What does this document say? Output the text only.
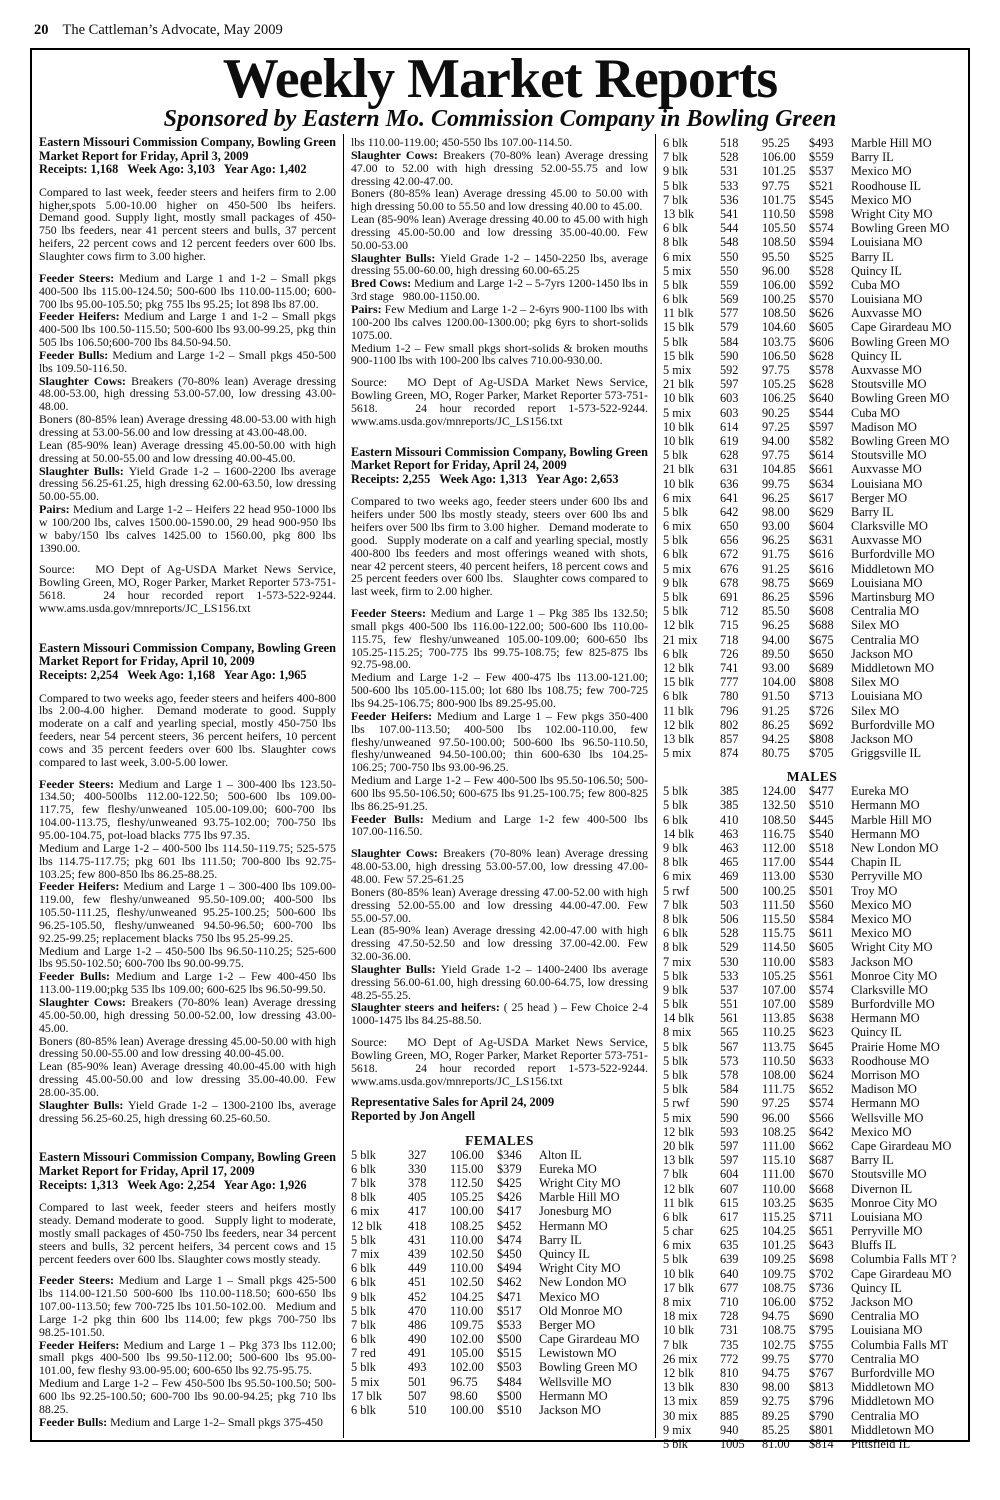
20 The Cattleman’s Advocate, May 2009
Weekly Market Reports
Sponsored by Eastern Mo. Commission Company in Bowling Green
Eastern Missouri Commission Company, Bowling Green
Market Report for Friday, April 3, 2009
Receipts: 1,168   Week Ago: 3,103   Year Ago: 1,402

Compared to last week, feeder steers and heifers firm to 2.00 higher,spots 5.00-10.00 higher on 450-500 lbs heifers. Demand good. Supply light, mostly small packages of 450-750 lbs feeders, near 41 percent steers and bulls, 37 percent heifers, 22 percent cows and 12 percent feeders over 600 lbs. Slaughter cows firm to 3.00 higher.

Feeder Steers: Medium and Large 1 and 1-2 – Small pkgs 400-500 lbs 115.00-124.50; 500-600 lbs 110.00-115.00; 600-700 lbs 95.00-105.50; pkg 755 lbs 95.25; lot 898 lbs 87.00.

Feeder Heifers: Medium and Large 1 and 1-2 – Small pkgs 400-500 lbs 100.50-115.50; 500-600 lbs 93.00-99.25, pkg thin 505 lbs 106.50;600-700 lbs 84.50-94.50.

Feeder Bulls: Medium and Large 1-2 – Small pkgs 450-500 lbs 109.50-116.50.

Slaughter Cows: Breakers (70-80% lean) Average dressing 48.00-53.00, high dressing 53.00-57.00, low dressing 43.00-48.00.

Boners (80-85% lean) Average dressing 48.00-53.00 with high dressing at 53.00-56.00 and low dressing at 43.00-48.00.

Lean (85-90% lean) Average dressing 45.00-50.00 with high dressing at 50.00-55.00 and low dressing 40.00-45.00.

Slaughter Bulls: Yield Grade 1-2 – 1600-2200 lbs average dressing 56.25-61.25, high dressing 62.00-63.50, low dressing 50.00-55.00.

Pairs: Medium and Large 1-2 – Heifers 22 head 950-1000 lbs w 100/200 lbs, calves 1500.00-1590.00, 29 head 900-950 lbs w baby/150 lbs calves 1425.00 to 1560.00, pkg 800 lbs 1390.00.

Source:   MO Dept of Ag-USDA Market News Service, Bowling Green, MO, Roger Parker, Market Reporter 573-751-5618.   24 hour recorded report 1-573-522-9244. www.ams.usda.gov/mnreports/JC_LS156.txt

Eastern Missouri Commission Company, Bowling Green
Market Report for Friday, April 10, 2009
Receipts: 2,254   Week Ago: 1,168   Year Ago: 1,965

Compared to two weeks ago, feeder steers and heifers 400-800 lbs 2.00-4.00 higher.  Demand moderate to good. Supply moderate on a calf and yearling special, mostly 450-750 lbs feeders, near 54 percent steers, 36 percent heifers, 10 percent cows and 35 percent feeders over 600 lbs. Slaughter cows compared to last week, 3.00-5.00 lower.

Feeder Steers: Medium and Large 1 – 300-400 lbs 123.50-134.50; 400-500lbs 112.00-122.50; 500-600 lbs 109.00-117.75, few fleshy/unweaned 105.00-109.00; 600-700 lbs 104.00-113.75, fleshy/unweaned 93.75-102.00; 700-750 lbs 95.00-104.75, pot-load blacks 775 lbs 97.35.

Medium and Large 1-2 – 400-500 lbs 114.50-119.75; 525-575 lbs 114.75-117.75; pkg 601 lbs 111.50; 700-800 lbs 92.75-103.25; few 800-850 lbs 86.25-88.25.

Feeder Heifers: Medium and Large 1 – 300-400 lbs 109.00-119.00, few fleshy/unweaned 95.50-109.00; 400-500 lbs 105.50-111.25, fleshy/unweaned 95.25-100.25; 500-600 lbs 96.25-105.50, fleshy/unweaned 94.50-96.50; 600-700 lbs 92.25-99.25; replacement blacks 750 lbs 95.25-99.25.

Medium and Large 1-2 – 450-500 lbs 96.50-110.25; 525-600 lbs 95.50-102.50; 600-700 lbs 90.00-99.75.

Feeder Bulls: Medium and Large 1-2 – Few 400-450 lbs 113.00-119.00;pkg 535 lbs 109.00; 600-625 lbs 96.50-99.50.

Slaughter Cows: Breakers (70-80% lean) Average dressing 45.00-50.00, high dressing 50.00-52.00, low dressing 43.00-45.00.

Boners (80-85% lean) Average dressing 45.00-50.00 with high dressing 50.00-55.00 and low dressing 40.00-45.00.

Lean (85-90% lean) Average dressing 40.00-45.00 with high dressing 45.00-50.00 and low dressing 35.00-40.00. Few 28.00-35.00.

Slaughter Bulls: Yield Grade 1-2 – 1300-2100 lbs, average dressing 56.25-60.25, high dressing 60.25-60.50.

Eastern Missouri Commission Company, Bowling Green
Market Report for Friday, April 17, 2009
Receipts: 1,313   Week Ago: 2,254   Year Ago: 1,926

Compared to last week, feeder steers and heifers mostly steady. Demand moderate to good.   Supply light to moderate, mostly small packages of 450-750 lbs feeders, near 34 percent steers and bulls, 32 percent heifers, 34 percent cows and 15 percent feeders over 600 lbs. Slaughter cows mostly steady.

Feeder Steers: Medium and Large 1 – Small pkgs 425-500 lbs 114.00-121.50 500-600 lbs 110.00-118.50; 600-650 lbs 107.00-113.50; few 700-725 lbs 101.50-102.00.   Medium and Large 1-2 pkg thin 600 lbs 114.00; few pkgs 700-750 lbs 98.25-101.50.

Feeder Heifers: Medium and Large 1 – Pkg 373 lbs 112.00; small pkgs 400-500 lbs 99.50-112.00; 500-600 lbs 95.00-101.00, few fleshy 93.00-95.00; 600-650 lbs 92.75-95.75.

Medium and Large 1-2 – Few 450-500 lbs 95.50-100.50; 500-600 lbs 92.25-100.50; 600-700 lbs 90.00-94.25; pkg 710 lbs 88.25.

Feeder Bulls: Medium and Large 1-2– Small pkgs 375-450

lbs 110.00-119.00; 450-550 lbs 107.00-114.50.

Slaughter Cows: Breakers (70-80% lean) Average dressing 47.00 to 52.00 with high dressing 52.00-55.75 and low dressing 42.00-47.00.

Boners (80-85% lean) Average dressing 45.00 to 50.00 with high dressing 50.00 to 55.50 and low dressing 40.00 to 45.00.

Lean (85-90% lean) Average dressing 40.00 to 45.00 with high dressing 45.00-50.00 and low dressing 35.00-40.00. Few 50.00-53.00

Slaughter Bulls: Yield Grade 1-2 – 1450-2250 lbs, average dressing 55.00-60.00, high dressing 60.00-65.25

Bred Cows: Medium and Large 1-2 – 5-7yrs 1200-1450 lbs in 3rd stage   980.00-1150.00.

Pairs: Few Medium and Large 1-2 – 2-6yrs 900-1100 lbs with 100-200 lbs calves 1200.00-1300.00; pkg 6yrs to short-solids 1075.00.

Medium 1-2 – Few small pkgs short-solids & broken mouths 900-1100 lbs with 100-200 lbs calves 710.00-930.00.

Source:   MO Dept of Ag-USDA Market News Service, Bowling Green, MO, Roger Parker, Market Reporter 573-751-5618.   24 hour recorded report 1-573-522-9244. www.ams.usda.gov/mnreports/JC_LS156.txt

Eastern Missouri Commission Company, Bowling Green
Market Report for Friday, April 24, 2009
Receipts: 2,255   Week Ago: 1,313   Year Ago: 2,653

Compared to two weeks ago, feeder steers under 600 lbs and heifers under 500 lbs mostly steady, steers over 600 lbs and heifers over 500 lbs firm to 3.00 higher.   Demand moderate to good.   Supply moderate on a calf and yearling special, mostly 400-800 lbs feeders and most offerings weaned with shots, near 42 percent steers, 40 percent heifers, 18 percent cows and 25 percent feeders over 600 lbs.   Slaughter cows compared to last week, firm to 2.00 higher.

Feeder Steers: Medium and Large 1 – Pkg 385 lbs 132.50; small pkgs 400-500 lbs 116.00-122.00; 500-600 lbs 110.00-115.75, few fleshy/unweaned 105.00-109.00; 600-650 lbs 105.25-115.25; 700-775 lbs 99.75-108.75; few 825-875 lbs 92.75-98.00.

Medium and Large 1-2 – Few 400-475 lbs 113.00-121.00; 500-600 lbs 105.00-115.00; lot 680 lbs 108.75; few 700-725 lbs 94.25-106.75; 800-900 lbs 89.25-95.00.

Feeder Heifers: Medium and Large 1 – Few pkgs 350-400 lbs 107.00-113.50; 400-500 lbs 102.00-110.00, few fleshy/unweaned 97.50-100.00; 500-600 lbs 96.50-110.50, fleshy/unweaned 94.50-100.00; thin 600-630 lbs 104.25-106.25; 700-750 lbs 93.00-96.25.

Medium and Large 1-2 – Few 400-500 lbs 95.50-106.50; 500-600 lbs 95.50-106.50; 600-675 lbs 91.25-100.75; few 800-825 lbs 86.25-91.25.

Feeder Bulls: Medium and Large 1-2 few 400-500 lbs 107.00-116.50.

Slaughter Cows: Breakers (70-80% lean) Average dressing 48.00-53.00, high dressing 53.00-57.00, low dressing 47.00-48.00. Few 57.25-61.25

Boners (80-85% lean) Average dressing 47.00-52.00 with high dressing 52.00-55.00 and low dressing 44.00-47.00. Few 55.00-57.00.

Lean (85-90% lean) Average dressing 42.00-47.00 with high dressing 47.50-52.50 and low dressing 37.00-42.00. Few 32.00-36.00.

Slaughter Bulls: Yield Grade 1-2 – 1400-2400 lbs average dressing 56.00-61.00, high dressing 60.00-64.75, low dressing 48.25-55.25.

Slaughter steers and heifers: ( 25 head ) – Few Choice 2-4 1000-1475 lbs 84.25-88.50.

Source:   MO Dept of Ag-USDA Market News Service, Bowling Green, MO, Roger Parker, Market Reporter 573-751-5618.   24 hour recorded report 1-573-522-9244. www.ams.usda.gov/mnreports/JC_LS156.txt

Representative Sales for April 24, 2009
Reported by Jon Angell
FEMALES
5 blk	327	106.00	$346	Alton IL
6 blk	330	115.00	$379	Eureka MO
7 blk	378	112.50	$425	Wright City MO
8 blk	405	105.25	$426	Marble Hill MO
6 mix	417	100.00	$417	Jonesburg MO
12 blk	418	108.25	$452	Hermann MO
5 blk	431	110.00	$474	Barry IL
7 mix	439	102.50	$450	Quincy IL
6 blk	449	110.00	$494	Wright City MO
6 blk	451	102.50	$462	New London MO
9 blk	452	104.25	$471	Mexico MO
5 blk	470	110.00	$517	Old Monroe MO
7 blk	486	109.75	$533	Berger MO
6 blk	490	102.00	$500	Cape Girardeau MO
7 red	491	105.00	$515	Lewistown MO
5 blk	493	102.00	$503	Bowling Green MO
5 mix	501	96.75	$484	Wellsville MO
17 blk	507	98.60	$500	Hermann MO
6 blk	510	100.00	$510	Jackson MO
6 blk	518	95.25	$493	Marble Hill MO
7 blk	528	106.00	$559	Barry IL
9 blk	531	101.25	$537	Mexico MO
5 blk	533	97.75	$521	Roodhouse IL
7 blk	536	101.75	$545	Mexico MO
13 blk	541	110.50	$598	Wright City MO
6 blk	544	105.50	$574	Bowling Green MO
8 blk	548	108.50	$594	Louisiana MO
6 mix	550	95.50	$525	Barry IL
5 mix	550	96.00	$528	Quincy IL
5 blk	559	106.00	$592	Cuba MO
6 blk	569	100.25	$570	Louisiana MO
11 blk	577	108.50	$626	Auxvasse MO
15 blk	579	104.60	$605	Cape Girardeau MO
5 blk	584	103.75	$606	Bowling Green MO
15 blk	590	106.50	$628	Quincy IL
5 mix	592	97.75	$578	Auxvasse MO
21 blk	597	105.25	$628	Stoutsville MO
10 blk	603	106.25	$640	Bowling Green MO
5 mix	603	90.25	$544	Cuba MO
10 blk	614	97.25	$597	Madison MO
10 blk	619	94.00	$582	Bowling Green MO
5 blk	628	97.75	$614	Stoutsville MO
21 blk	631	104.85	$661	Auxvasse MO
10 blk	636	99.75	$634	Louisiana MO
6 mix	641	96.25	$617	Berger MO
5 blk	642	98.00	$629	Barry IL
6 mix	650	93.00	$604	Clarksville MO
5 blk	656	96.25	$631	Auxvasse MO
6 blk	672	91.75	$616	Burfordville MO
5 mix	676	91.25	$616	Middletown MO
9 blk	678	98.75	$669	Louisiana MO
5 blk	691	86.25	$596	Martinsburg MO
5 blk	712	85.50	$608	Centralia MO
12 blk	715	96.25	$688	Silex MO
21 mix	718	94.00	$675	Centralia MO
6 blk	726	89.50	$650	Jackson MO
12 blk	741	93.00	$689	Middletown MO
15 blk	777	104.00	$808	Silex MO
6 blk	780	91.50	$713	Louisiana MO
11 blk	796	91.25	$726	Silex MO
12 blk	802	86.25	$692	Burfordville MO
13 blk	857	94.25	$808	Jackson MO
5 mix	874	80.75	$705	Griggsville IL
MALES
5 blk	385	124.00	$477	Eureka MO
5 blk	385	132.50	$510	Hermann MO
6 blk	410	108.50	$445	Marble Hill MO
14 blk	463	116.75	$540	Hermann MO
9 blk	463	112.00	$518	New London MO
8 blk	465	117.00	$544	Chapin IL
6 mix	469	113.00	$530	Perryville MO
5 rwf	500	100.25	$501	Troy MO
7 blk	503	111.50	$560	Mexico MO
8 blk	506	115.50	$584	Mexico MO
6 blk	528	115.75	$611	Mexico MO
8 blk	529	114.50	$605	Wright City MO
7 mix	530	110.00	$583	Jackson MO
5 blk	533	105.25	$561	Monroe City MO
9 blk	537	107.00	$574	Clarksville MO
5 blk	551	107.00	$589	Burfordville MO
14 blk	561	113.85	$638	Hermann MO
8 mix	565	110.25	$623	Quincy IL
5 blk	567	113.75	$645	Prairie Home MO
5 blk	573	110.50	$633	Roodhouse MO
5 blk	578	108.00	$624	Morrison MO
5 blk	584	111.75	$652	Madison MO
5 rwf	590	97.25	$574	Hermann MO
5 mix	590	96.00	$566	Wellsville MO
12 blk	593	108.25	$642	Mexico MO
20 blk	597	111.00	$662	Cape Girardeau MO
13 blk	597	115.10	$687	Barry IL
7 blk	604	111.00	$670	Stoutsville MO
12 blk	607	110.00	$668	Divernon IL
11 blk	615	103.25	$635	Monroe City MO
6 blk	617	115.25	$711	Louisiana MO
5 char	625	104.25	$651	Perryville MO
6 mix	635	101.25	$643	Bluffs IL
5 blk	639	109.25	$698	Columbia Falls MT ?
10 blk	640	109.75	$702	Cape Girardeau MO
17 blk	677	108.75	$736	Quincy IL
8 mix	710	106.00	$752	Jackson MO
18 mix	728	94.75	$690	Centralia MO
10 blk	731	108.75	$795	Louisiana MO
7 blk	735	102.75	$755	Columbia Falls MT
26 mix	772	99.75	$770	Centralia MO
12 blk	810	94.75	$767	Burfordville MO
13 blk	830	98.00	$813	Middletown MO
13 mix	859	92.75	$796	Middletown MO
30 mix	885	89.25	$790	Centralia MO
9 mix	940	85.25	$801	Middletown MO
5 blk	1005	81.00	$814	Pittsfield IL
